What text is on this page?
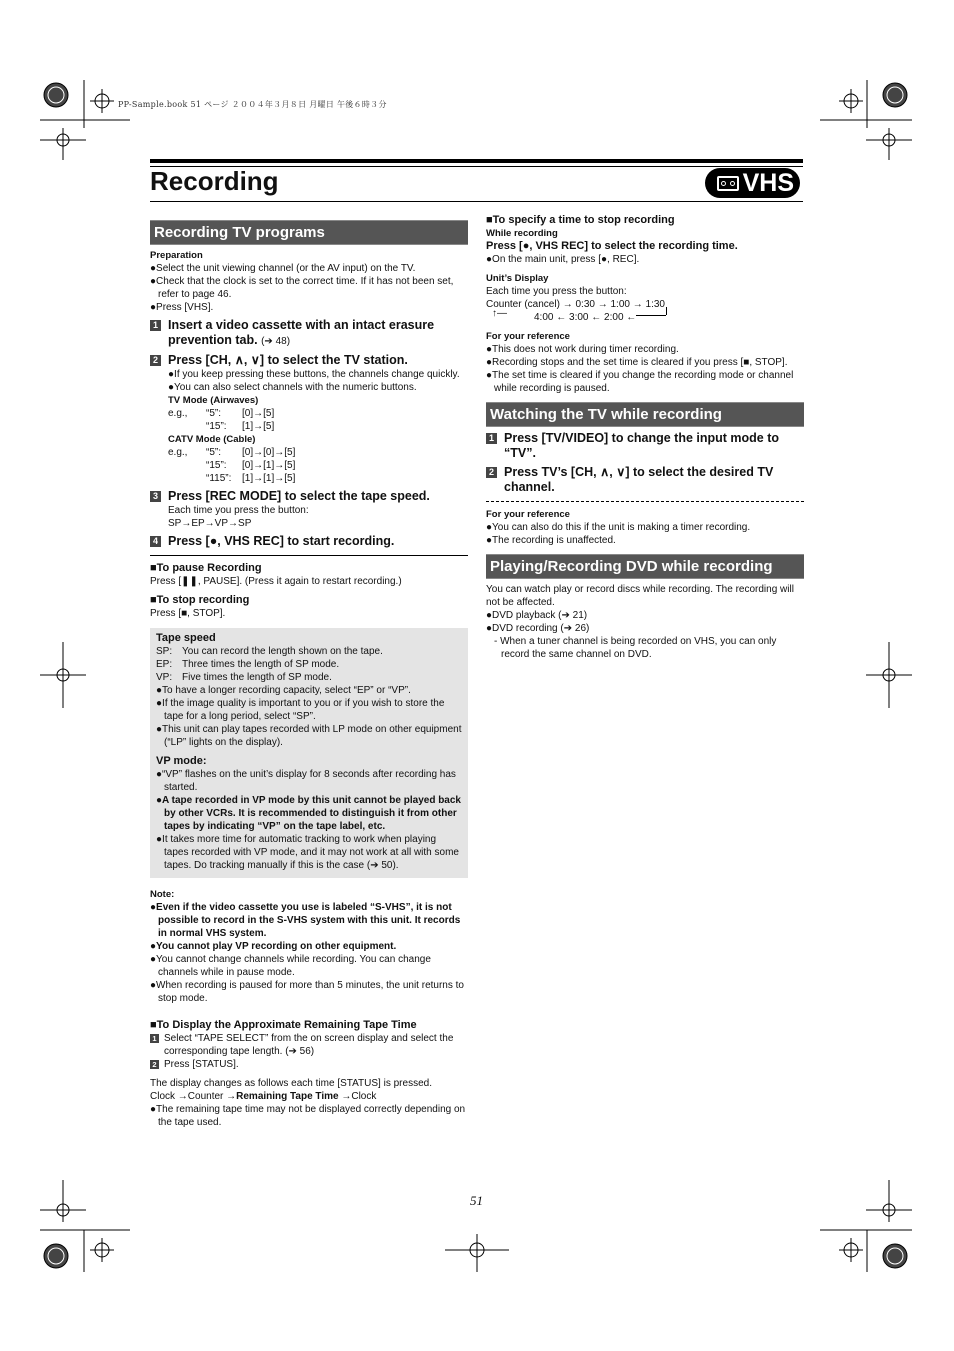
PP-Sample.book 51 ページ ２００４年３月８日 月曜日 午後６時３分
Recording	VHS
Recording TV programs
Preparation
●Select the unit viewing channel (or the AV input) on the TV.
●Check that the clock is set to the correct time. If it has not been set, refer to page 46.
●Press [VHS].
1 Insert a video cassette with an intact erasure prevention tab. (➔ 48)
2 Press [CH, ∧, ∨] to select the TV station.
●If you keep pressing these buttons, the channels change quickly.
●You can also select channels with the numeric buttons.
TV Mode (Airwaves)
e.g.,	“5”:	[0]→[5]
“15”:	[1]→[5]
CATV Mode (Cable)
e.g.,	“5”:	[0]→[0]→[5]
“15”:	[0]→[1]→[5]
“115”:	[1]→[1]→[5]
3 Press [REC MODE] to select the tape speed.
Each time you press the button:
SP→EP→VP→SP
4 Press [●, VHS REC] to start recording.
■To pause Recording
Press [❚❚, PAUSE]. (Press it again to restart recording.)
■To stop recording
Press [■, STOP].
Tape speed
SP: You can record the length shown on the tape.
EP: Three times the length of SP mode.
VP: Five times the length of SP mode.
●To have a longer recording capacity, select “EP” or “VP”.
●If the image quality is important to you or if you wish to store the tape for a long period, select “SP”.
●This unit can play tapes recorded with LP mode on other equipment (“LP” lights on the display).
VP mode:
●“VP” flashes on the unit’s display for 8 seconds after recording has started.
●A tape recorded in VP mode by this unit cannot be played back by other VCRs. It is recommended to distinguish it from other tapes by indicating “VP” on the tape label, etc.
●It takes more time for automatic tracking to work when playing tapes recorded with VP mode, and it may not work at all with some tapes. Do tracking manually if this is the case (➔ 50).
Note:
●Even if the video cassette you use is labeled “S-VHS”, it is not possible to record in the S-VHS system with this unit. It records in normal VHS system.
●You cannot play VP recording on other equipment.
●You cannot change channels while recording. You can change channels while in pause mode.
●When recording is paused for more than 5 minutes, the unit returns to stop mode.
■To Display the Approximate Remaining Tape Time
1 Select “TAPE SELECT” from the on screen display and select the corresponding tape length. (➔ 56)
2 Press [STATUS].
The display changes as follows each time [STATUS] is pressed.
Clock →Counter →Remaining Tape Time →Clock
●The remaining tape time may not be displayed correctly depending on the tape used.
■To specify a time to stop recording
While recording
Press [●, VHS REC] to select the recording time.
●On the main unit, press [●, REC].
Unit’s Display
Each time you press the button:
Counter (cancel) → 0:30 → 1:00 → 1:30
↑—	4:00 ← 3:00 ← 2:00 ←
For your reference
●This does not work during timer recording.
●Recording stops and the set time is cleared if you press [■, STOP].
●The set time is cleared if you change the recording mode or channel while recording is paused.
Watching the TV while recording
1 Press [TV/VIDEO] to change the input mode to “TV”.
2 Press TV’s [CH, ∧, ∨] to select the desired TV channel.
For your reference
●You can also do this if the unit is making a timer recording.
●The recording is unaffected.
Playing/Recording DVD while recording
You can watch play or record discs while recording. The recording will not be affected.
●DVD playback (➔ 21)
●DVD recording (➔ 26)
- When a tuner channel is being recorded on VHS, you can only record the same channel on DVD.
51
